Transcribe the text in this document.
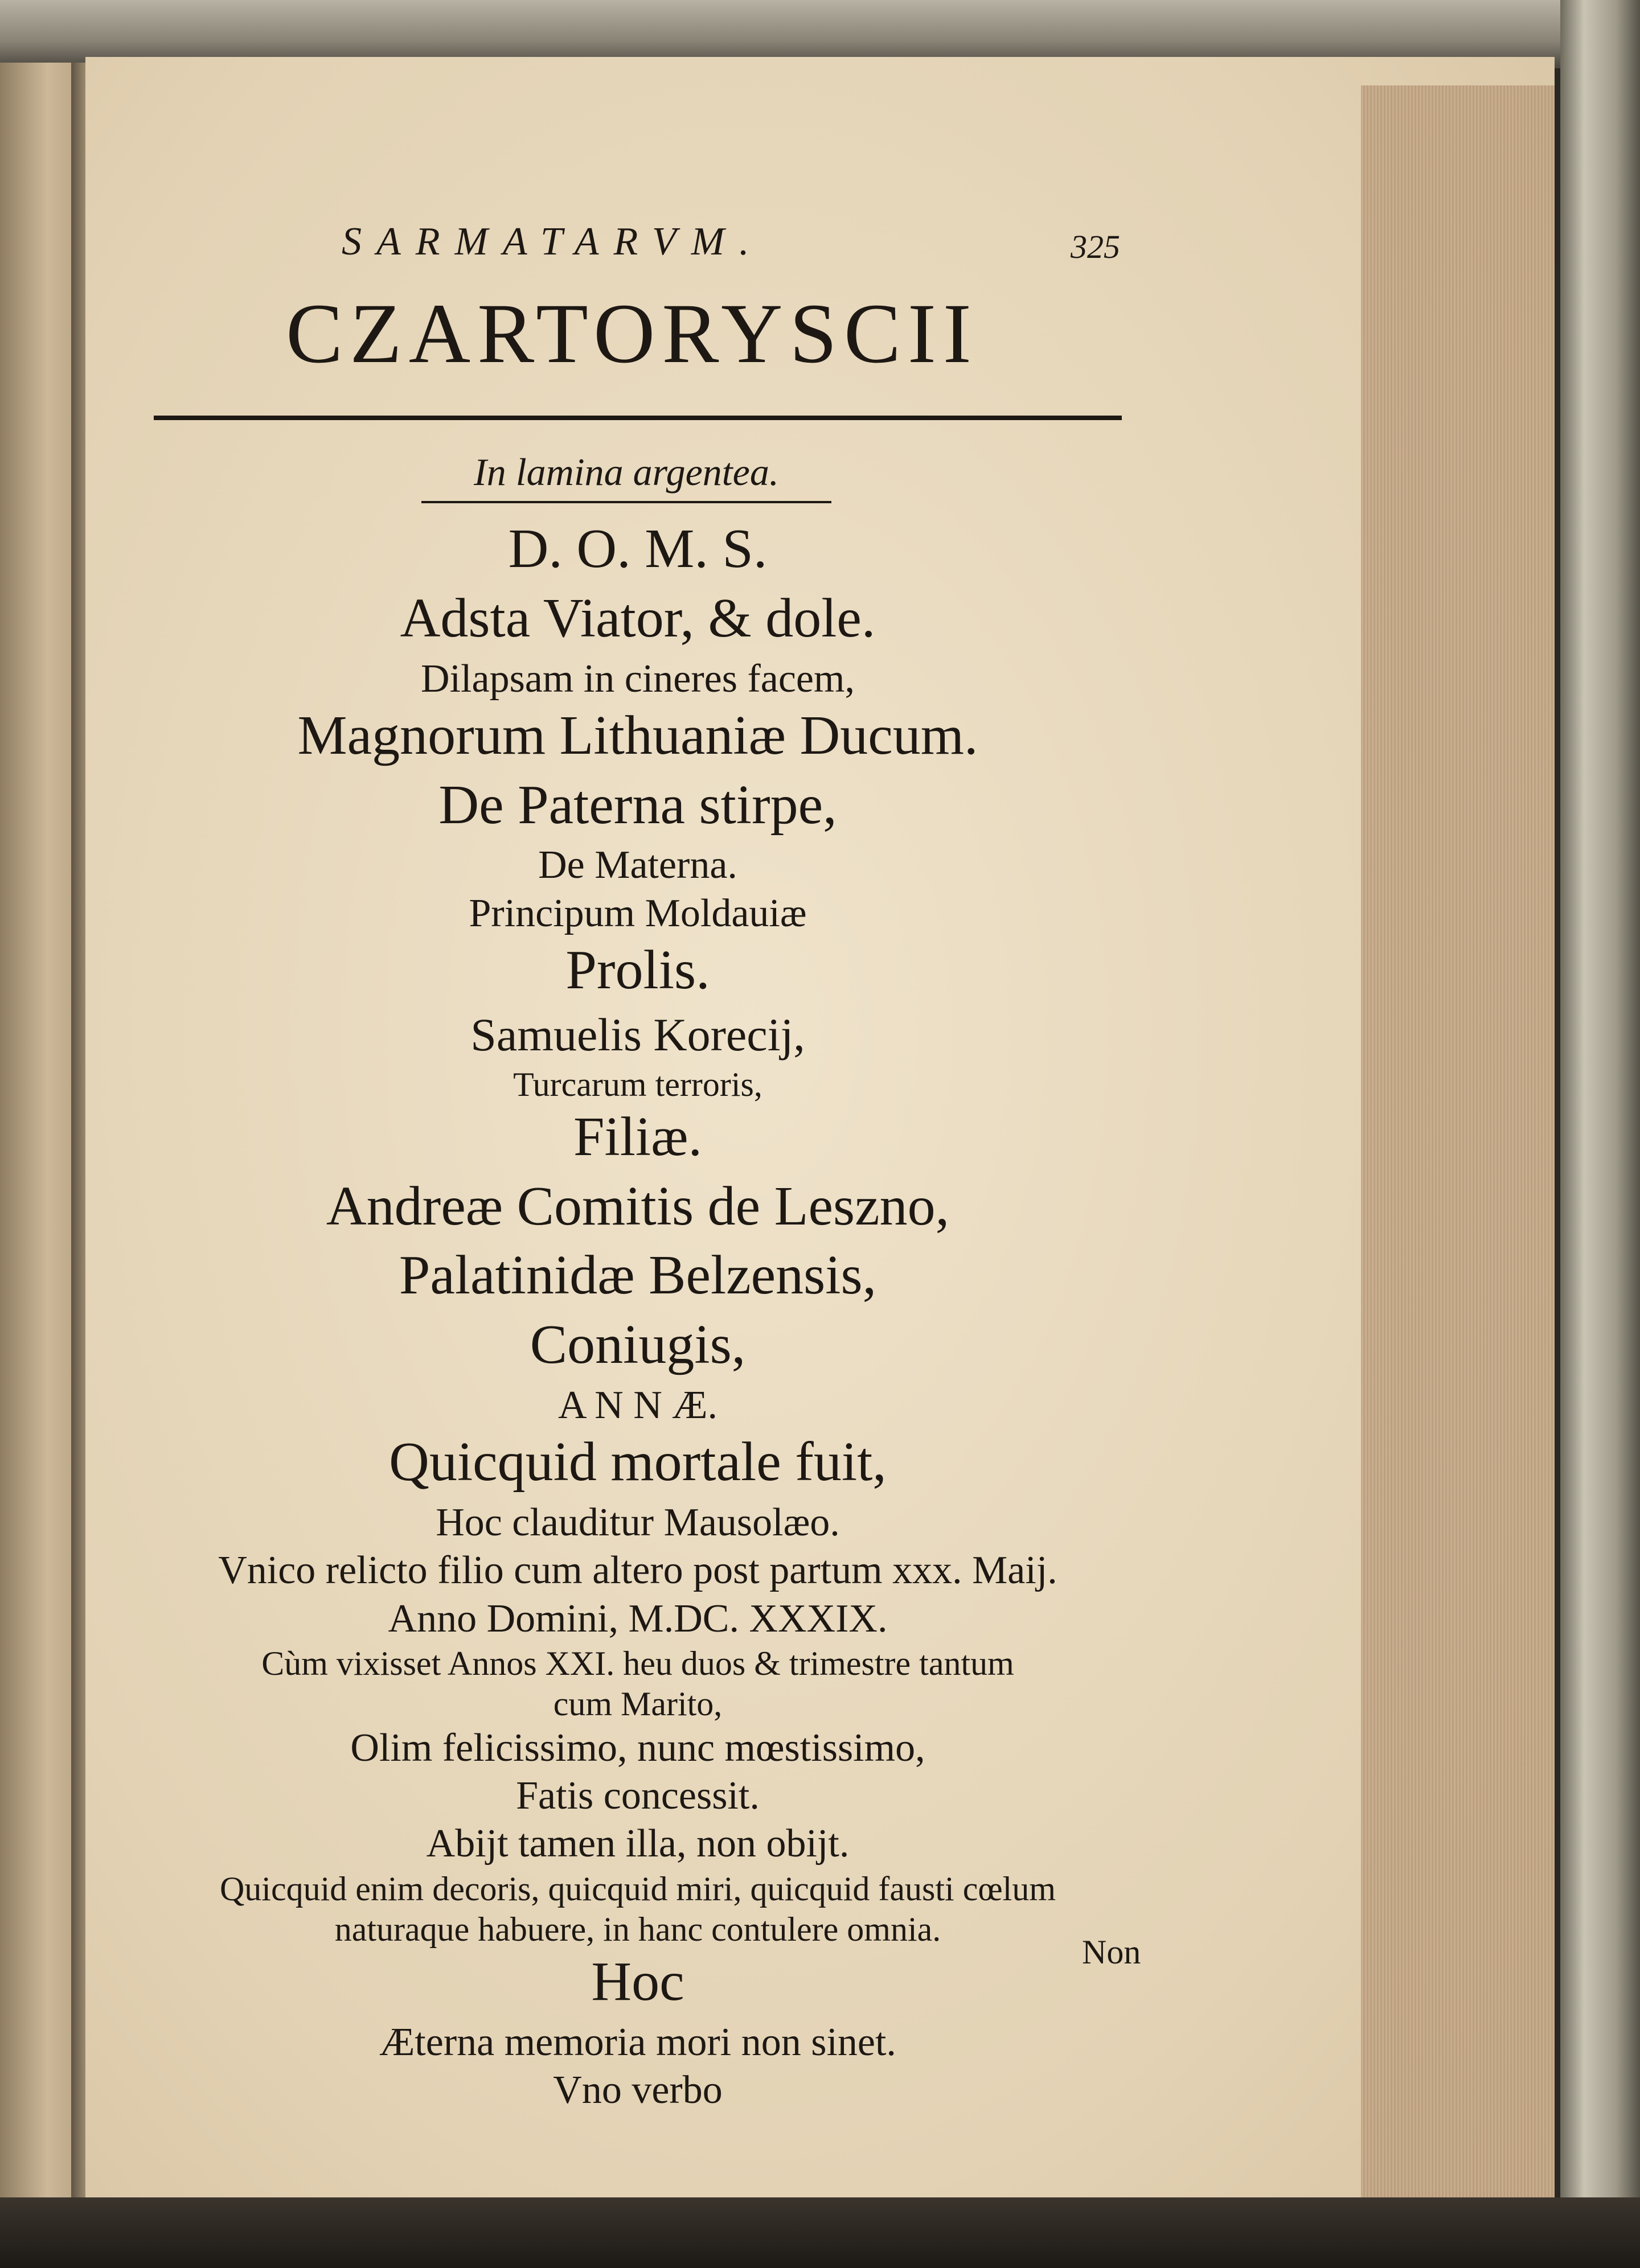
SARMATARVM.	325
CZARTORYSCII
In lamina argentea.
D. O. M. S.
Adsta Viator, & dole.
Dilapsam in cineres facem,
Magnorum Lithuaniæ Ducum.
De Paterna stirpe,
De Materna.
Principum Moldauiæ
Prolis.
Samuelis Korecij,
Turcarum terroris,
Filiæ.
Andreæ Comitis de Leszno,
Palatinidæ Belzensis,
Coniugis,
A N N Æ.
Quicquid mortale fuit,
Hoc clauditur Mausolæo.
Vnico relicto filio cum altero post partum xxx. Maij.
Anno Domini, M.DC. XXXIX.
Cùm vixisset Annos XXI. heu duos & trimestre tantum
cum Marito,
Olim felicissimo, nunc mœstissimo,
Fatis concessit.
Abijt tamen illa, non obijt.
Quicquid enim decoris, quicquid miri, quicquid fausti cœlum
naturaque habuere, in hanc contulere omnia.
Hoc
Æterna memoria mori non sinet.
Vno verbo
Non
